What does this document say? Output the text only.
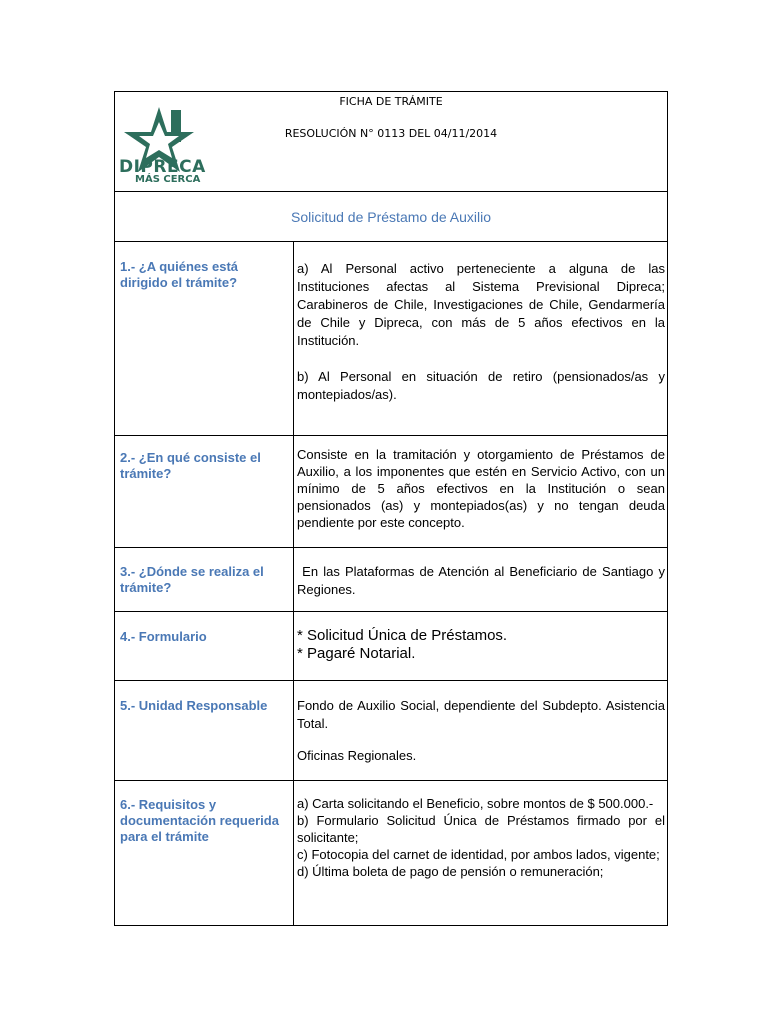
DIPRECA
MÁS CERCA
FICHA DE TRÁMITE
RESOLUCIÓN N° 0113 DEL 04/11/2014
Solicitud de Préstamo de Auxilio
1.- ¿A quiénes está dirigido el trámite?

a) Al Personal activo perteneciente a alguna de las Instituciones afectas al Sistema Previsional Dipreca; Carabineros de Chile, Investigaciones de Chile, Gendarmería de Chile y Dipreca, con más de 5 años efectivos en la Institución.

b) Al Personal en situación de retiro (pensionados/as y montepiados/as).

2.- ¿En qué consiste el trámite?

Consiste en la tramitación y otorgamiento de Préstamos de Auxilio, a los imponentes que estén en Servicio Activo, con un mínimo de 5 años efectivos en la Institución o sean pensionados (as) y montepiados(as) y no tengan deuda pendiente por este concepto.

3.- ¿Dónde se realiza el trámite?

En las Plataformas de Atención al Beneficiario de Santiago y Regiones.

4.- Formulario	* Solicitud Única de Préstamos.

* Pagaré Notarial.

5.- Unidad Responsable	Fondo de Auxilio Social, dependiente del Subdepto. Asistencia Total.

Oficinas Regionales.

6.- Requisitos y documentación requerida para el trámite

a) Carta solicitando el Beneficio, sobre montos de $ 500.000.-

b) Formulario Solicitud Única de Préstamos firmado por el solicitante;

c) Fotocopia del carnet de identidad, por ambos lados, vigente;

d) Última boleta de pago de pensión o remuneración;
